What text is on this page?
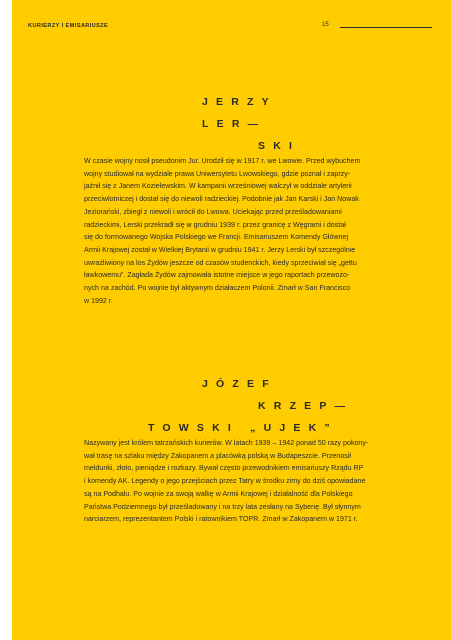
KURIERZY I EMISARIUSZE	15
JERZY
LER—
SKI

W czasie wojny nosił pseudonim Jur. Urodził się w 1917 r. we Lwowie. Przed wybuchem
wojny studiował na wydziale prawa Uniwersytetu Lwowskiego, gdzie poznał i zaprzy-
jaźnił się z Janem Kozielewskim. W kampanii wrześniowej walczył w oddziale artylerii
przeciwlotniczej i dostał się do niewoli radzieckiej. Podobnie jak Jan Karski i Jan Nowak
Jeziorański, zbiegł z niewoli i wrócił do Lwowa. Uciekając przed prześladowaniami
radzieckimi, Lerski przekradł się w grudniu 1939 r. przez granicę z Węgrami i dostał
się do formowanego Wojska Polskiego we Francji. Emisariuszem Komendy Głównej
Armii Krajowej został w Wielkiej Brytanii w grudniu 1941 r. Jerzy Lerski był szczególnie
uwrażliwiony na los Żydów jeszcze od czasów studenckich, kiedy sprzeciwiał się „gettu
ławkowemu”. Zagłada Żydów zajmowała istotne miejsce w jego raportach przewożo-
nych na zachód. Po wojnie był aktywnym działaczem Polonii. Zmarł w San Francisco
w 1992 r.

JÓZEF
KRZEP—
TOWSKI „UJEK”

Nazywany jest królem tatrzańskich kurierów. W latach 1939 – 1942 ponad 50 razy pokony-
wał trasę na szlaku między Zakopanem a placówką polską w Budapeszcie. Przenosił
meldunki, złoto, pieniądze i rozkazy. Bywał często przewodnikiem emisariuszy Rządu RP
i komendy AK. Legendy o jego przejściach przez Tatry w środku zimy do dziś opowiadane
są na Podhalu. Po wojnie za swoją walkę w Armii Krajowej i działalność dla Polskiego
Państwa Podziemnego był prześladowany i na trzy lata zesłany na Syberię. Był słynnym
narciarzem, reprezentantem Polski i ratownikiem TOPR. Zmarł w Zakopanem w 1971 r.
